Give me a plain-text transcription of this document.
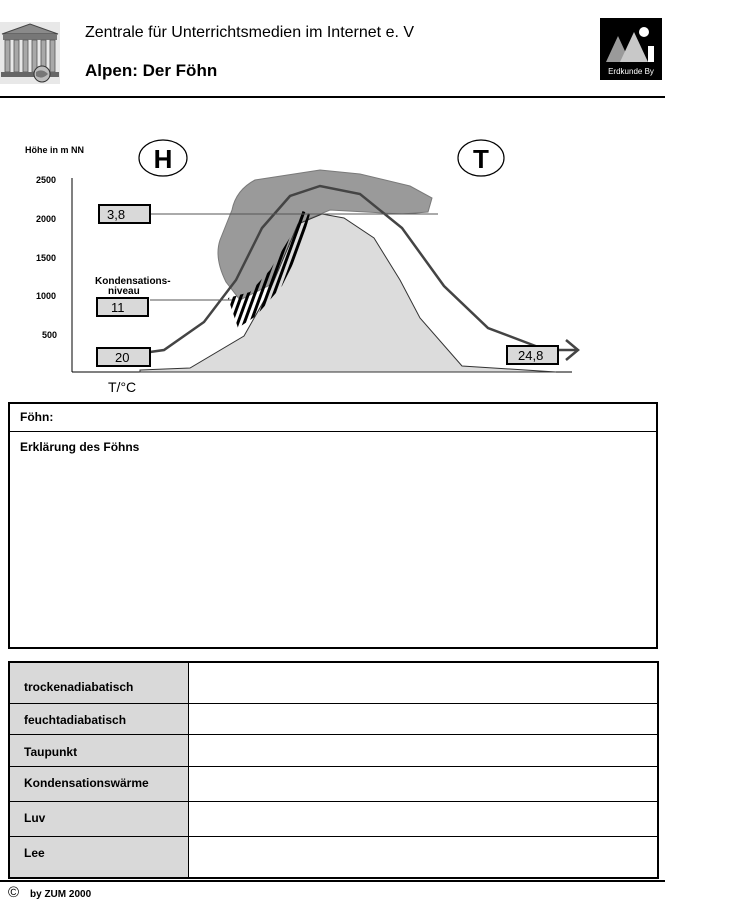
Zentrale für Unterrichtsmedien im Internet e. V
Alpen: Der Föhn	Erdkunde By
Höhe in m NN
2500
2000
1500
1000
500
H	T
3,8
Kondensations-
niveau
11
20	24,8
T/°C
Föhn:
Erklärung des Föhns
trockenadiabatisch
feuchtadiabatisch
Taupunkt
Kondensationswärme
Luv
Lee
© by ZUM 2000
